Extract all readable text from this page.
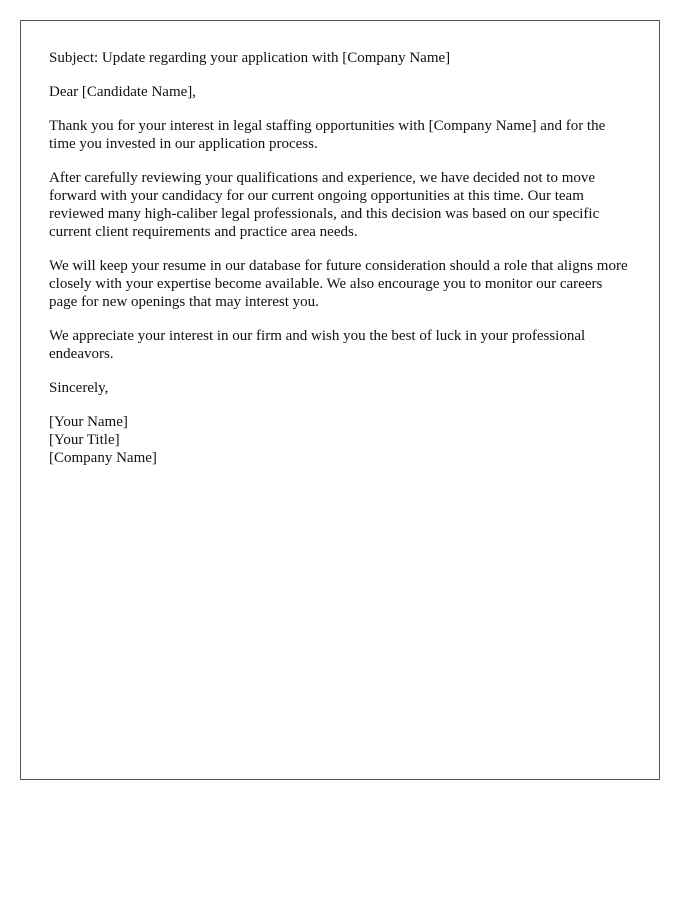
Subject: Update regarding your application with [Company Name]

Dear [Candidate Name],

Thank you for your interest in legal staffing opportunities with [Company Name] and for the time you invested in our application process.

After carefully reviewing your qualifications and experience, we have decided not to move forward with your candidacy for our current ongoing opportunities at this time. Our team reviewed many high-caliber legal professionals, and this decision was based on our specific current client requirements and practice area needs.

We will keep your resume in our database for future consideration should a role that aligns more closely with your expertise become available. We also encourage you to monitor our careers page for new openings that may interest you.

We appreciate your interest in our firm and wish you the best of luck in your professional endeavors.

Sincerely,

[Your Name]

[Your Title]

[Company Name]
